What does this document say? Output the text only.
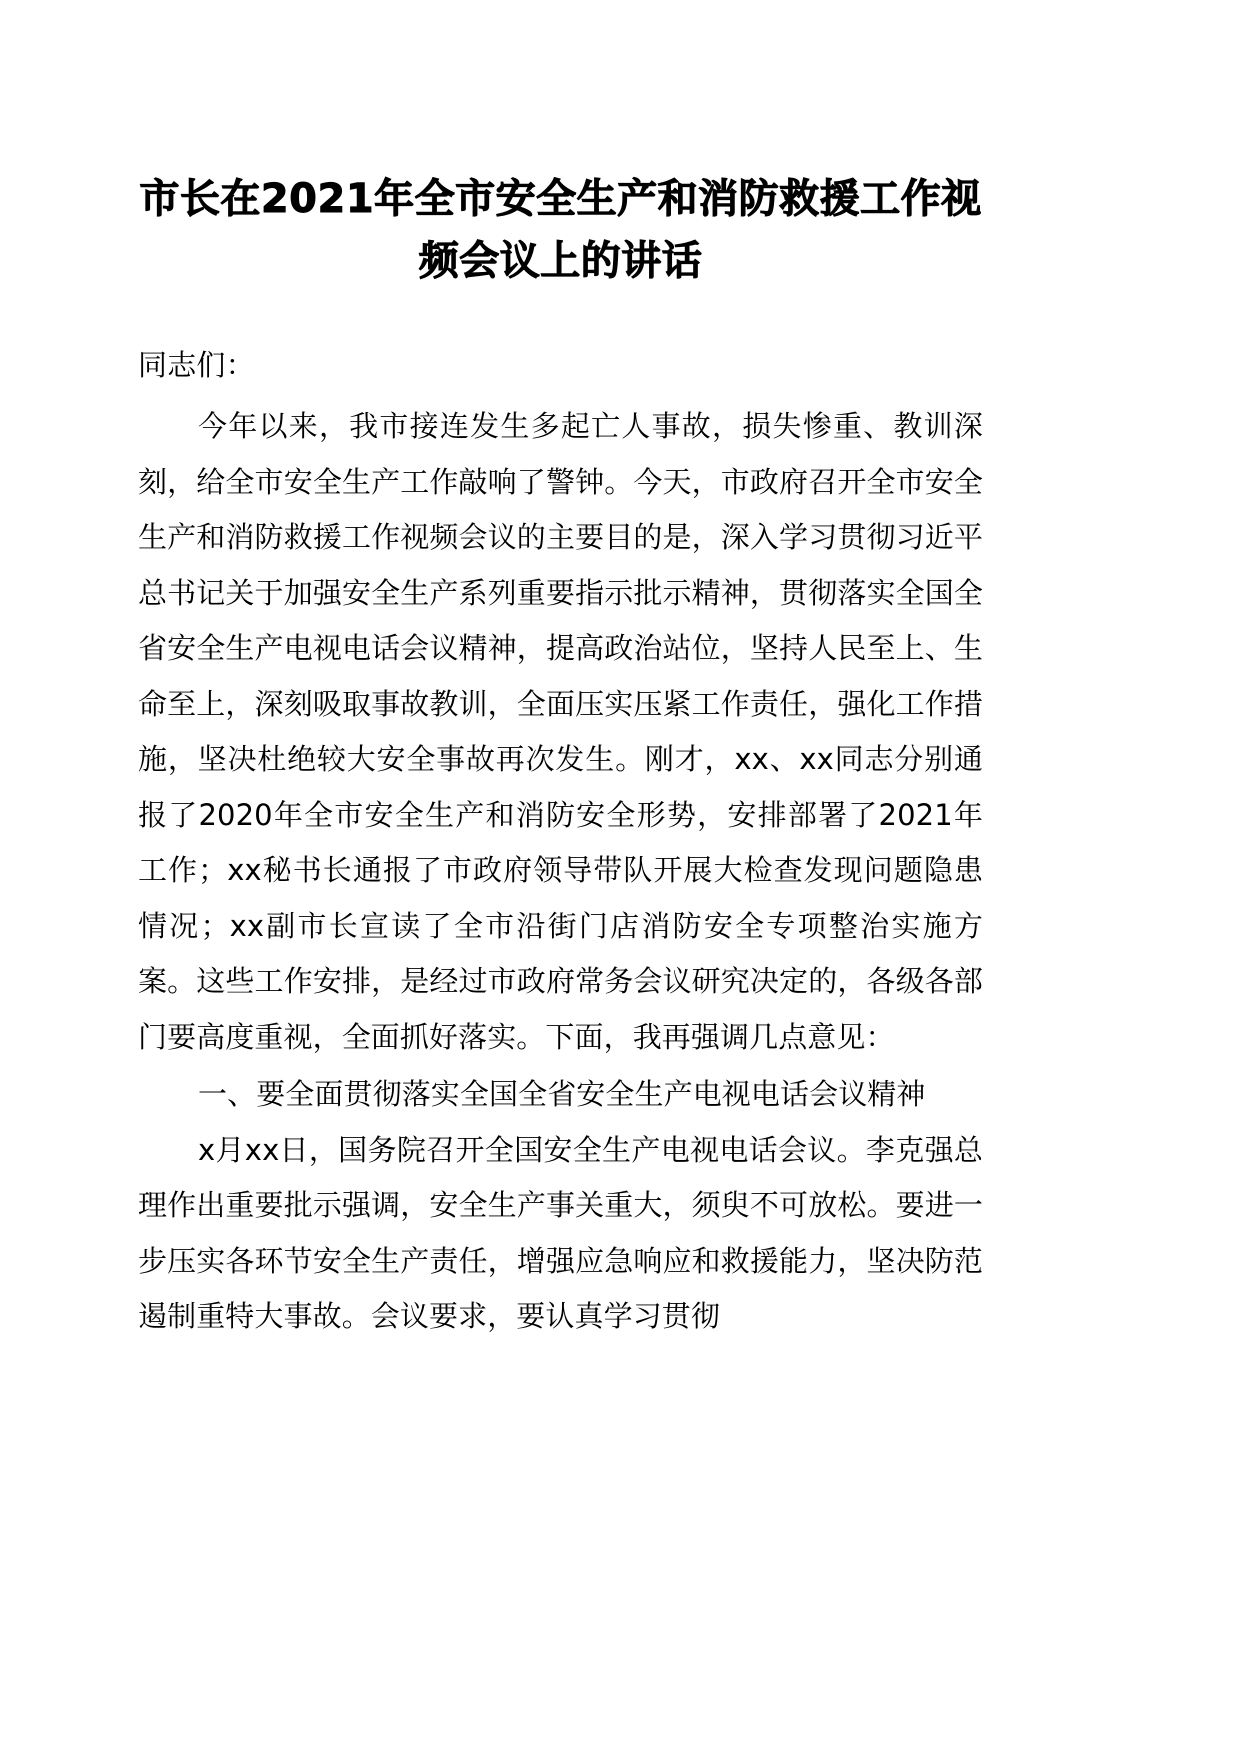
市长在2021年全市安全生产和消防救援工作视频会议上的讲话

同志们：

今年以来，我市接连发生多起亡人事故，损失惨重、教训深刻，给全市安全生产工作敲响了警钟。今天，市政府召开全市安全生产和消防救援工作视频会议的主要目的是，深入学习贯彻习近平总书记关于加强安全生产系列重要指示批示精神，贯彻落实全国全省安全生产电视电话会议精神，提高政治站位，坚持人民至上、生命至上，深刻吸取事故教训，全面压实压紧工作责任，强化工作措施，坚决杜绝较大安全事故再次发生。刚才，xx、xx同志分别通报了2020年全市安全生产和消防安全形势，安排部署了2021年工作；xx秘书长通报了市政府领导带队开展大检查发现问题隐患情况；xx副市长宣读了全市沿街门店消防安全专项整治实施方案。这些工作安排，是经过市政府常务会议研究决定的，各级各部门要高度重视，全面抓好落实。下面，我再强调几点意见：

一、要全面贯彻落实全国全省安全生产电视电话会议精神

x月xx日，国务院召开全国安全生产电视电话会议。李克强总理作出重要批示强调，安全生产事关重大，须臾不可放松。要进一步压实各环节安全生产责任，增强应急响应和救援能力，坚决防范遏制重特大事故。会议要求，要认真学习贯彻
